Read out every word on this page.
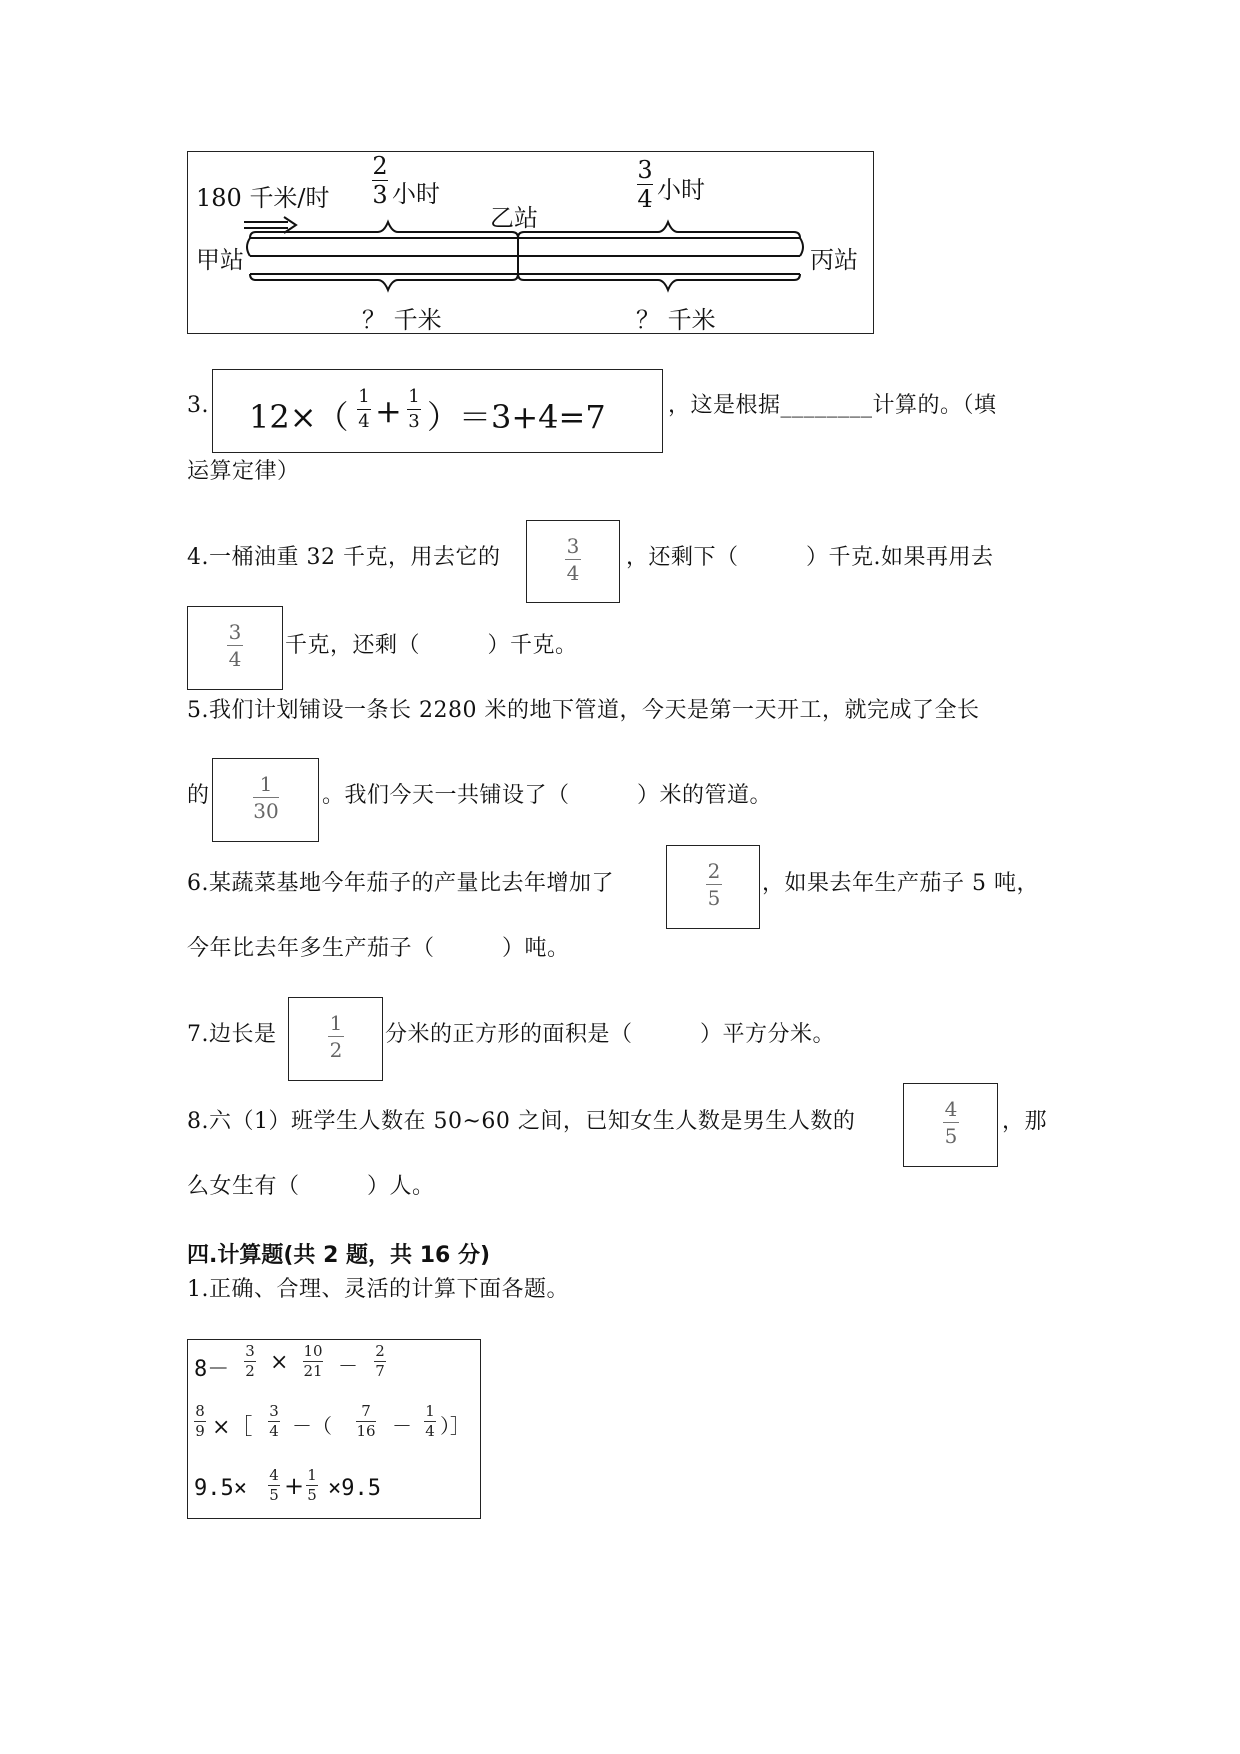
180 千米/时
2
3 小时
3
4 小时
甲站
乙站
丙站
？ 千米	？ 千米
3. 12×（
1
4 + 1
3 ）＝3+4=7	，这是根据________计算的。（填
运算定律）
4.一桶油重 32 千克，用去它的	3
4
，还剩下（　　　）千克.如果再用去
3
4
千克，还剩（　　　）千克。
5.我们计划铺设一条长 2280 米的地下管道，今天是第一天开工，就完成了全长
的	1
30
。我们今天一共铺设了（　　　）米的管道。
6.某蔬菜基地今年茄子的产量比去年增加了	2
5
，如果去年生产茄子 5 吨，
今年比去年多生产茄子（　　　）吨。
7.边长是	1
2
分米的正方形的面积是（　　　）平方分米。
8.六（1）班学生人数在 50~60 之间，已知女生人数是男生人数的	4
5
，那
么女生有（　　　）人。
四.计算题(共 2 题，共 16 分)
1.正确、合理、灵活的计算下面各题。
8－
3
2 × 10
21 －
2
7
8
9 ×［
3
4 －（
7
16 －
1
4 ）］
9.5×
4
5 + 1
5 ×9.5
